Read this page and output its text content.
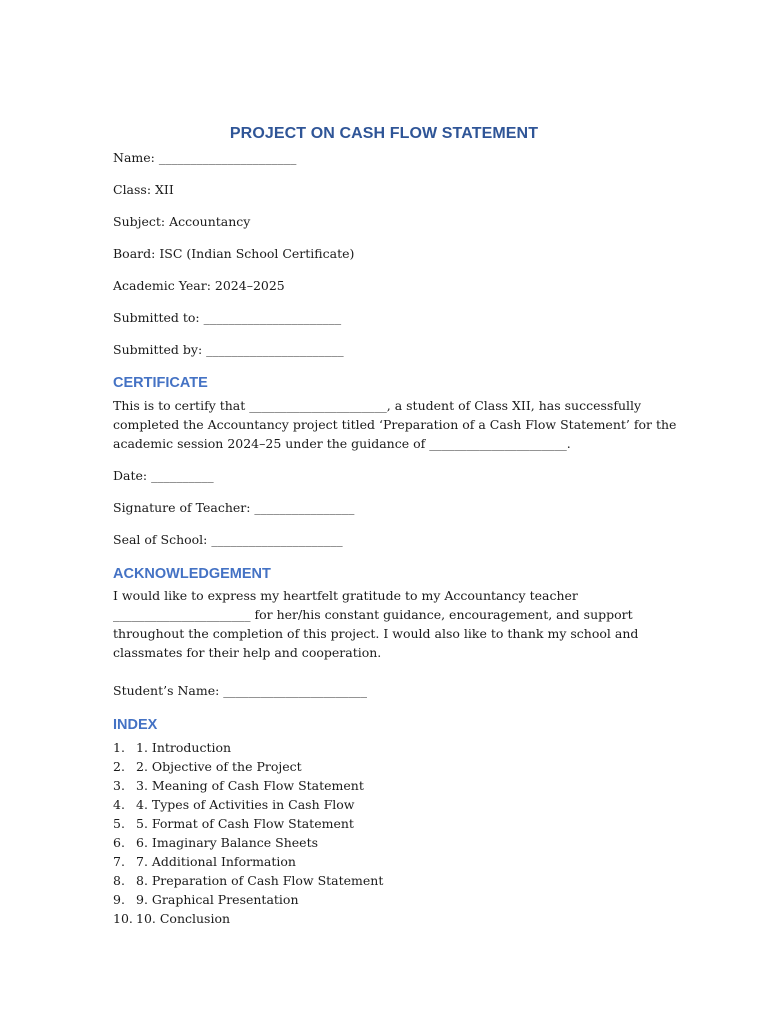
PROJECT ON CASH FLOW STATEMENT
Name: ______________________
Class: XII
Subject: Accountancy
Board: ISC (Indian School Certificate)
Academic Year: 2024–2025
Submitted to: ______________________
Submitted by: ______________________
CERTIFICATE
This is to certify that ______________________, a student of Class XII, has successfully
completed the Accountancy project titled ‘Preparation of a Cash Flow Statement’ for the
academic session 2024–25 under the guidance of ______________________.
Date: __________
Signature of Teacher: ________________
Seal of School: _____________________
ACKNOWLEDGEMENT
I would like to express my heartfelt gratitude to my Accountancy teacher
______________________ for her/his constant guidance, encouragement, and support
throughout the completion of this project. I would also like to thank my school and
classmates for their help and cooperation.
Student’s Name: _______________________
INDEX
1. 1. Introduction
2. 2. Objective of the Project
3. 3. Meaning of Cash Flow Statement
4. 4. Types of Activities in Cash Flow
5. 5. Format of Cash Flow Statement
6. 6. Imaginary Balance Sheets
7. 7. Additional Information
8. 8. Preparation of Cash Flow Statement
9. 9. Graphical Presentation
10. 10. Conclusion
